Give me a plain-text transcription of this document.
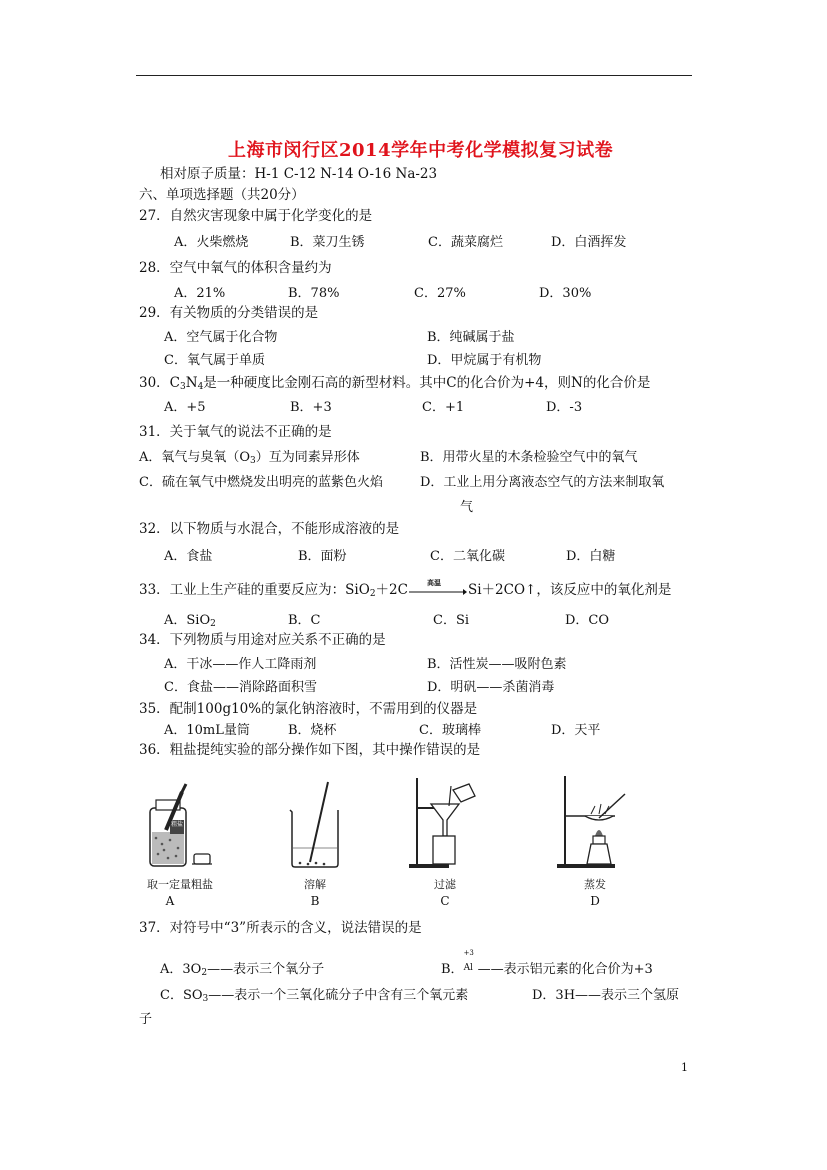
上海市闵行区2014学年中考化学模拟复习试卷
相对原子质量：H-1 C-12 N-14 O-16 Na-23
六、单项选择题（共20分）
27．自然灾害现象中属于化学变化的是
A．火柴燃烧	B．菜刀生锈	C．蔬菜腐烂	D．白酒挥发
28．空气中氧气的体积含量约为
A．21%	B．78%	C．27%	D．30%
29．有关物质的分类错误的是
A．空气属于化合物	B．纯碱属于盐
C．氧气属于单质	D．甲烷属于有机物
30．$C_3N_4$是一种硬度比金刚石高的新型材料。其中C的化合价为+4，则N的化合价是
A．+5	B．+3	C．+1	D．-3
31．关于氧气的说法不正确的是
A．氧气与臭氧$(O_3)$互为同素异形体	B．用带火星的木条检验空气中的氧气
C．硫在氧气中燃烧发出明亮的蓝紫色火焰	D．工业上用分离液态空气的方法来制取氧
气
32．以下物质与水混合，不能形成溶液的是
A．食盐	B．面粉	C．二氧化碳	D．白糖
33．工业上生产硅的重要反应为：SiO$_2$＋2C	高温 Si＋2CO↑，该反应中的氧化剂是
A．SiO$_2$	B．C	C．Si	D．CO
34．下列物质与用途对应关系不正确的是
A．干冰——作人工降雨剂	B．活性炭——吸附色素
C．食盐——消除路面积雪	D．明矾——杀菌消毒
35．配制100g10%的氯化钠溶液时，不需用到的仪器是
A．10mL量筒	B．烧杯	C．玻璃棒	D．天平
36．粗盐提纯实验的部分操作如下图，其中操作错误的是
粗盐
取一定量粗盐
A
溶解
B
过滤
C
蒸发
D
37．对符号中“3”所表示的含义，说法错误的是
A．$3O_2——$表示三个氧分子	B．
+3
$^{Al}$ ——表示铝元素的化合价为+3
C．$SO_3——$表示一个三氧化硫分子中含有三个氧元素	D．3H——表示三个氢原
子
1
